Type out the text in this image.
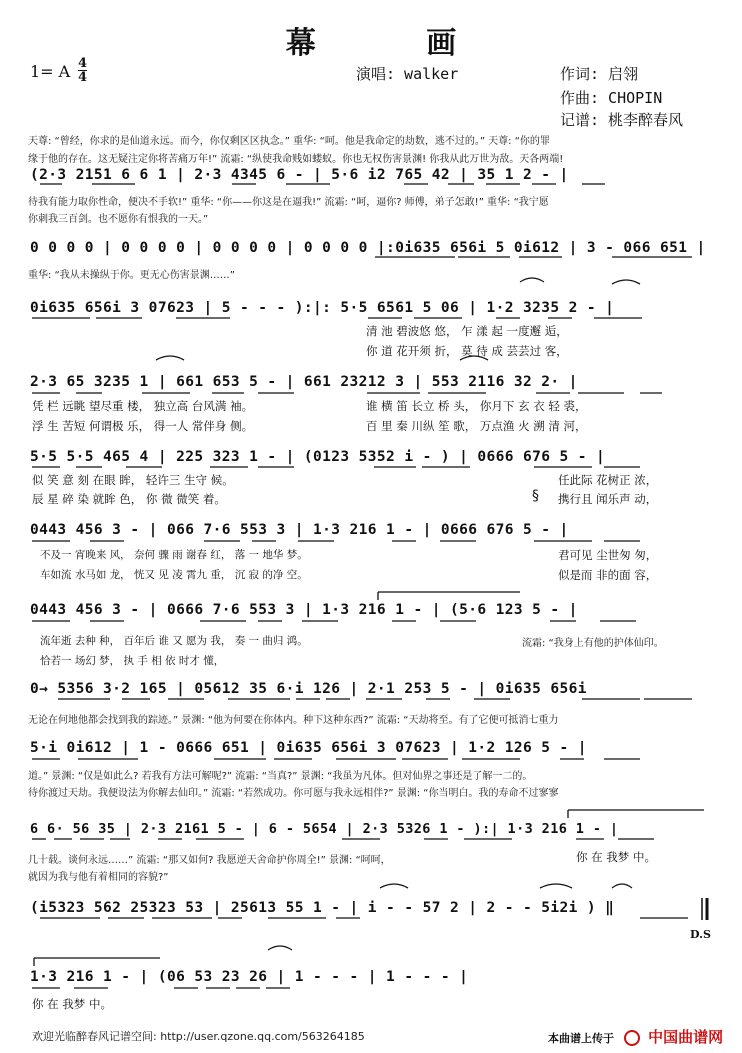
幕 画
1= A 4
4	演唱: walker	作词: 启翎
作曲: CHOPIN
记谱: 桃李醉春风
天尊: “曾经，你求的是仙道永远。而今，你仅剩区区执念。” 重华: “呵。他是我命定的劫数，逃不过的。” 天尊: “你的罪
缘于他的存在。这无疑注定你将苦痛万年!” 流霜: “纵使我命贱如蝼蚁。你也无权伤害景渊! 你我从此万世为敌。天各两端!
(2·3 2151 6 6 1 | 2·3 4345 6 - | 5·6 i2 765 42 | 35 1 2 - |
待我有能力取你性命，便决不手软!” 重华: “你——你这是在逼我!” 流霜: “呵，逼你? 师傅，弟子怎敢!” 重华: “我宁愿
你刺我三百剑。也不愿你有恨我的一天。”
0 0 0 0 | 0 0 0 0 | 0 0 0 0 | 0 0 0 0 |:0i635 656i 5 0i612 | 3 - 066 651 |
重华: “我从未操纵于你。更无心伤害景渊……”
0i635 656i 3 07623 | 5 - - - ):|: 5·5 6561 5 06 | 1·2 3235 2 - |
清 池 碧波悠 悠， 乍 漾 起 一度邂 逅，
你 道 花开须 折， 莫 待 成 芸芸过 客，
2·3 65 3235 1 | 661 653 5 - | 661 23212 3 | 553 2116 32 2· |
凭 栏 远眺 望尽重 楼， 独立高 台风满 袖。	谁 横 笛 长立 桥 头， 你月下 玄 衣 轻 裘，
浮 生 苦短 何谓极 乐， 得一人 常伴身 侧。	百 里 秦 川纵 笙 歌， 万点渔 火 溯 清 河，
5·5 5·5 465 4 | 225 323 1 - | (0123 5352 i - ) | 0666 676 5 - |
似 笑 意 刻 在眼 眸， 轻许三 生守 候。	任此际 花树正 浓，
辰 星 碎 染 就眸 色， 你 微 微笑 着。	§ 携行且 闻乐声 动，
0443 456 3 - | 066 7·6 553 3 | 1·3 216 1 - | 0666 676 5 - |
不及一 宵晚来 风， 奈何 骤 雨 谢春 红， 落 一 地华 梦。	君可见 尘世匆 匆，
车如流 水马如 龙， 恍又 见 凌 霄九 重， 沉 寂 的净 空。	似是而 非的面 容，
0443 456 3 - | 0666 7·6 553 3 | 1·3 216 1 - | (5·6 123 5 - |
流年逝 去种 种， 百年后 谁 又 愿为 我， 奏 一 曲归 鸿。	流霜: “我身上有他的护体仙印。
恰若一 场幻 梦， 执 手 相 依 时才 懂，
0→ 5356 3·2 165 | 05612 35 6·i 126 | 2·1 253 5 - | 0i635 656i
无论在何地他都会找到我的踪迹。” 景渊: “他为何要在你体内。种下这种东西?” 流霜: “天劫将至。有了它便可抵消七重力
5·i 0i612 | 1 - 0666 651 | 0i635 656i 3 07623 | 1·2 126 5 - |
道。” 景渊: “仅是如此么? 若我有方法可解呢?” 流霜: “当真?” 景渊: “我虽为凡体。但对仙界之事还是了解一二的。
待你渡过天劫。我便设法为你解去仙印。” 流霜: “若然成功。你可愿与我永远相伴?” 景渊: “你当明白。我的寿命不过寥寥
6 6· 56 35 | 2·3 2161 5 - | 6 - 5654 | 2·3 5326 1 - ):| 1·3 216 1 - |
几十载。谈何永远……” 流霜: “那又如何? 我愿逆天舍命护你周全!” 景渊: “呵呵，	你 在 我梦 中。
就因为我与他有着相同的容貌?”
(i5323 562 25323 53 | 25613 55 1 - | i - - 57 2 | 2 - - 5i2i ) ‖
D.S
1·3 216 1 - | (06 53 23 26 | 1 - - - | 1 - - - |
你 在 我梦 中。
欢迎光临醉春风记谱空间: http://user.qzone.qq.com/563264185	本曲谱上传于	中国曲谱网
